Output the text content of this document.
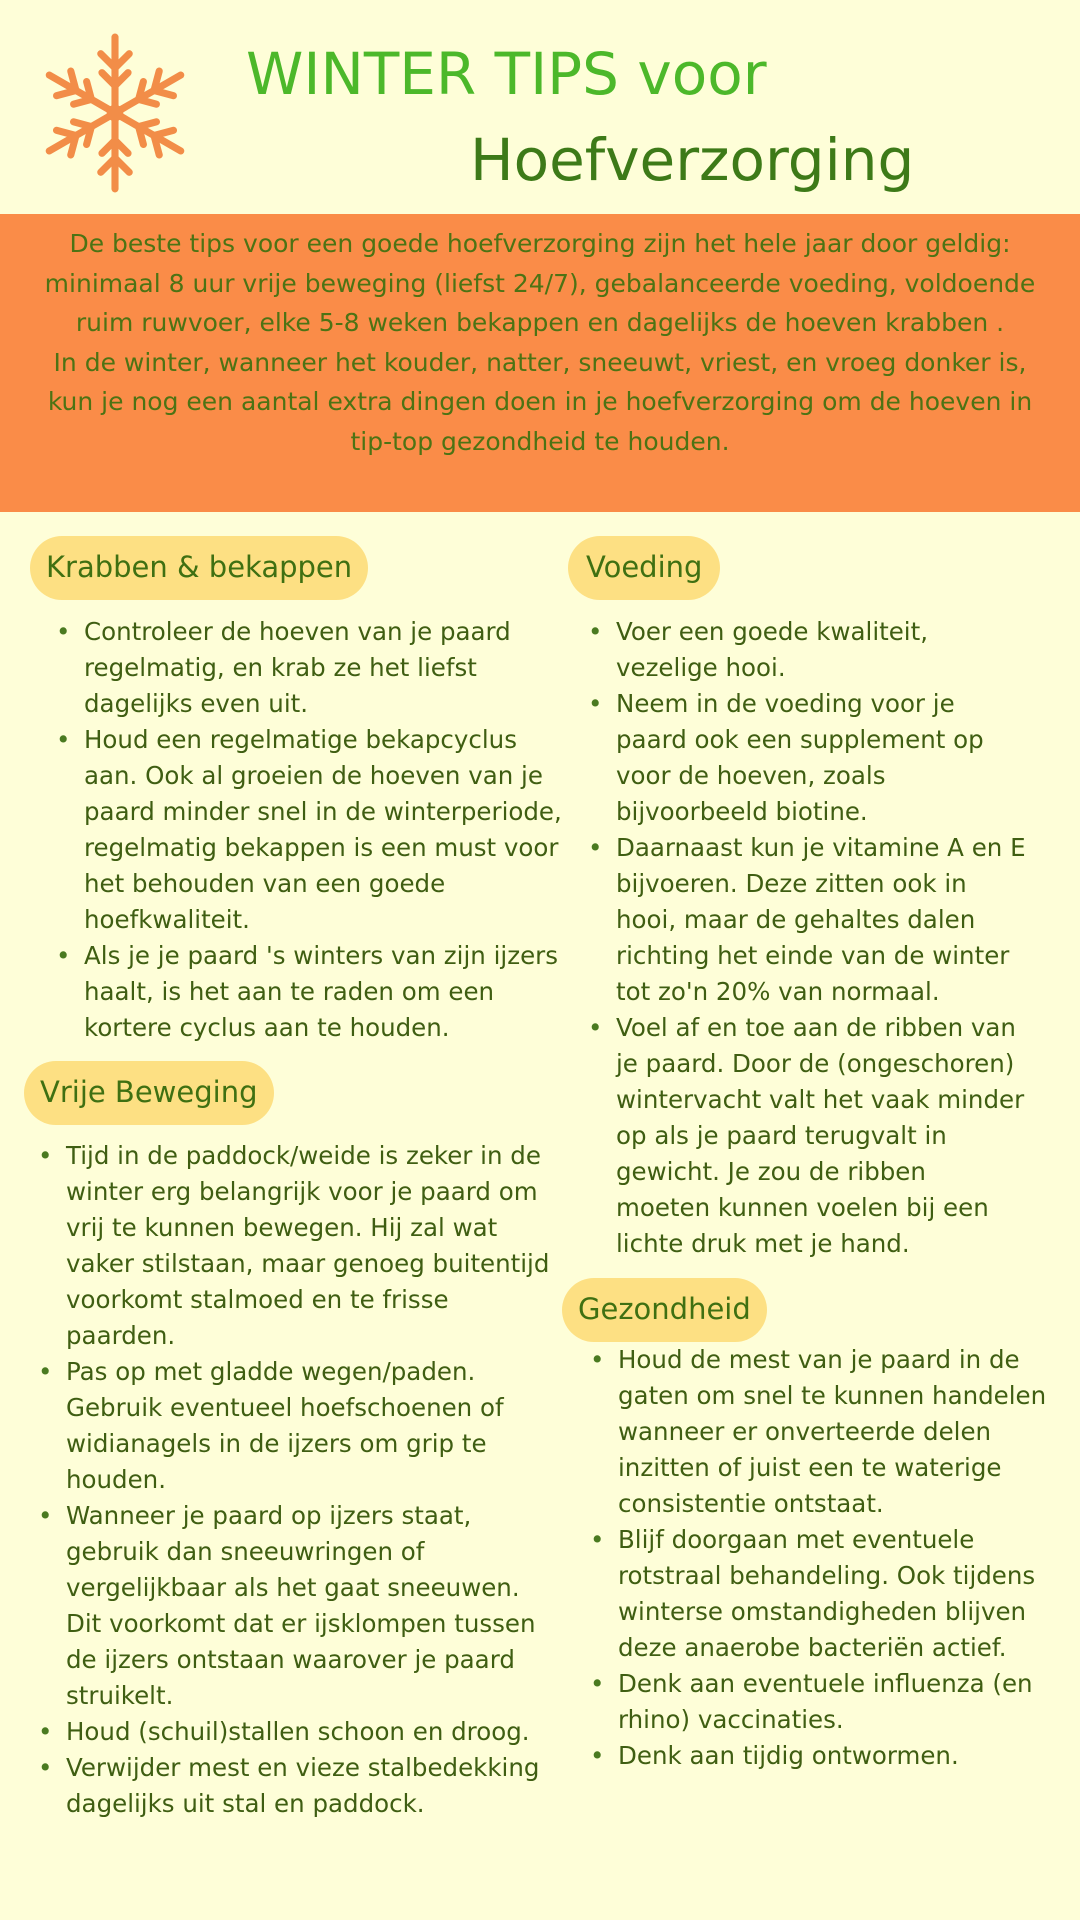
WINTER TIPS voor
Hoefverzorging

De beste tips voor een goede hoefverzorging zijn het hele jaar door geldig: minimaal 8 uur vrije beweging (liefst 24/7), gebalanceerde voeding, voldoende ruim ruwvoer, elke 5-8 weken bekappen en dagelijks de hoeven krabben .

In de winter, wanneer het kouder, natter, sneeuwt, vriest, en vroeg donker is, kun je nog een aantal extra dingen doen in je hoefverzorging om de hoeven in tip-top gezondheid te houden.

Krabben & bekappen
• Controleer de hoeven van je paard regelmatig, en krab ze het liefst dagelijks even uit.
• Houd een regelmatige bekapcyclus aan. Ook al groeien de hoeven van je paard minder snel in de winterperiode, regelmatig bekappen is een must voor het behouden van een goede hoefkwaliteit.
• Als je je paard 's winters van zijn ijzers haalt, is het aan te raden om een kortere cyclus aan te houden.
Vrije Beweging
• Tijd in de paddock/weide is zeker in de winter erg belangrijk voor je paard om vrij te kunnen bewegen. Hij zal wat vaker stilstaan, maar genoeg buitentijd voorkomt stalmoed en te frisse paarden.
• Pas op met gladde wegen/paden. Gebruik eventueel hoefschoenen of widianagels in de ijzers om grip te houden.
• Wanneer je paard op ijzers staat, gebruik dan sneeuwringen of vergelijkbaar als het gaat sneeuwen. Dit voorkomt dat er ijsklompen tussen de ijzers ontstaan waarover je paard struikelt.
• Houd (schuil)stallen schoon en droog.
• Verwijder mest en vieze stalbedekking dagelijks uit stal en paddock.
Voeding
• Voer een goede kwaliteit, vezelige hooi.
• Neem in de voeding voor je paard ook een supplement op voor de hoeven, zoals bijvoorbeeld biotine.
• Daarnaast kun je vitamine A en E bijvoeren. Deze zitten ook in hooi, maar de gehaltes dalen richting het einde van de winter tot zo'n 20% van normaal.
• Voel af en toe aan de ribben van je paard. Door de (ongeschoren) wintervacht valt het vaak minder op als je paard terugvalt in gewicht. Je zou de ribben moeten kunnen voelen bij een lichte druk met je hand.
Gezondheid
• Houd de mest van je paard in de gaten om snel te kunnen handelen wanneer er onverteerde delen inzitten of juist een te waterige consistentie ontstaat.
• Blijf doorgaan met eventuele rotstraal behandeling. Ook tijdens winterse omstandigheden blijven deze anaerobe bacteriën actief.
• Denk aan eventuele influenza (en rhino) vaccinaties.
• Denk aan tijdig ontwormen.
